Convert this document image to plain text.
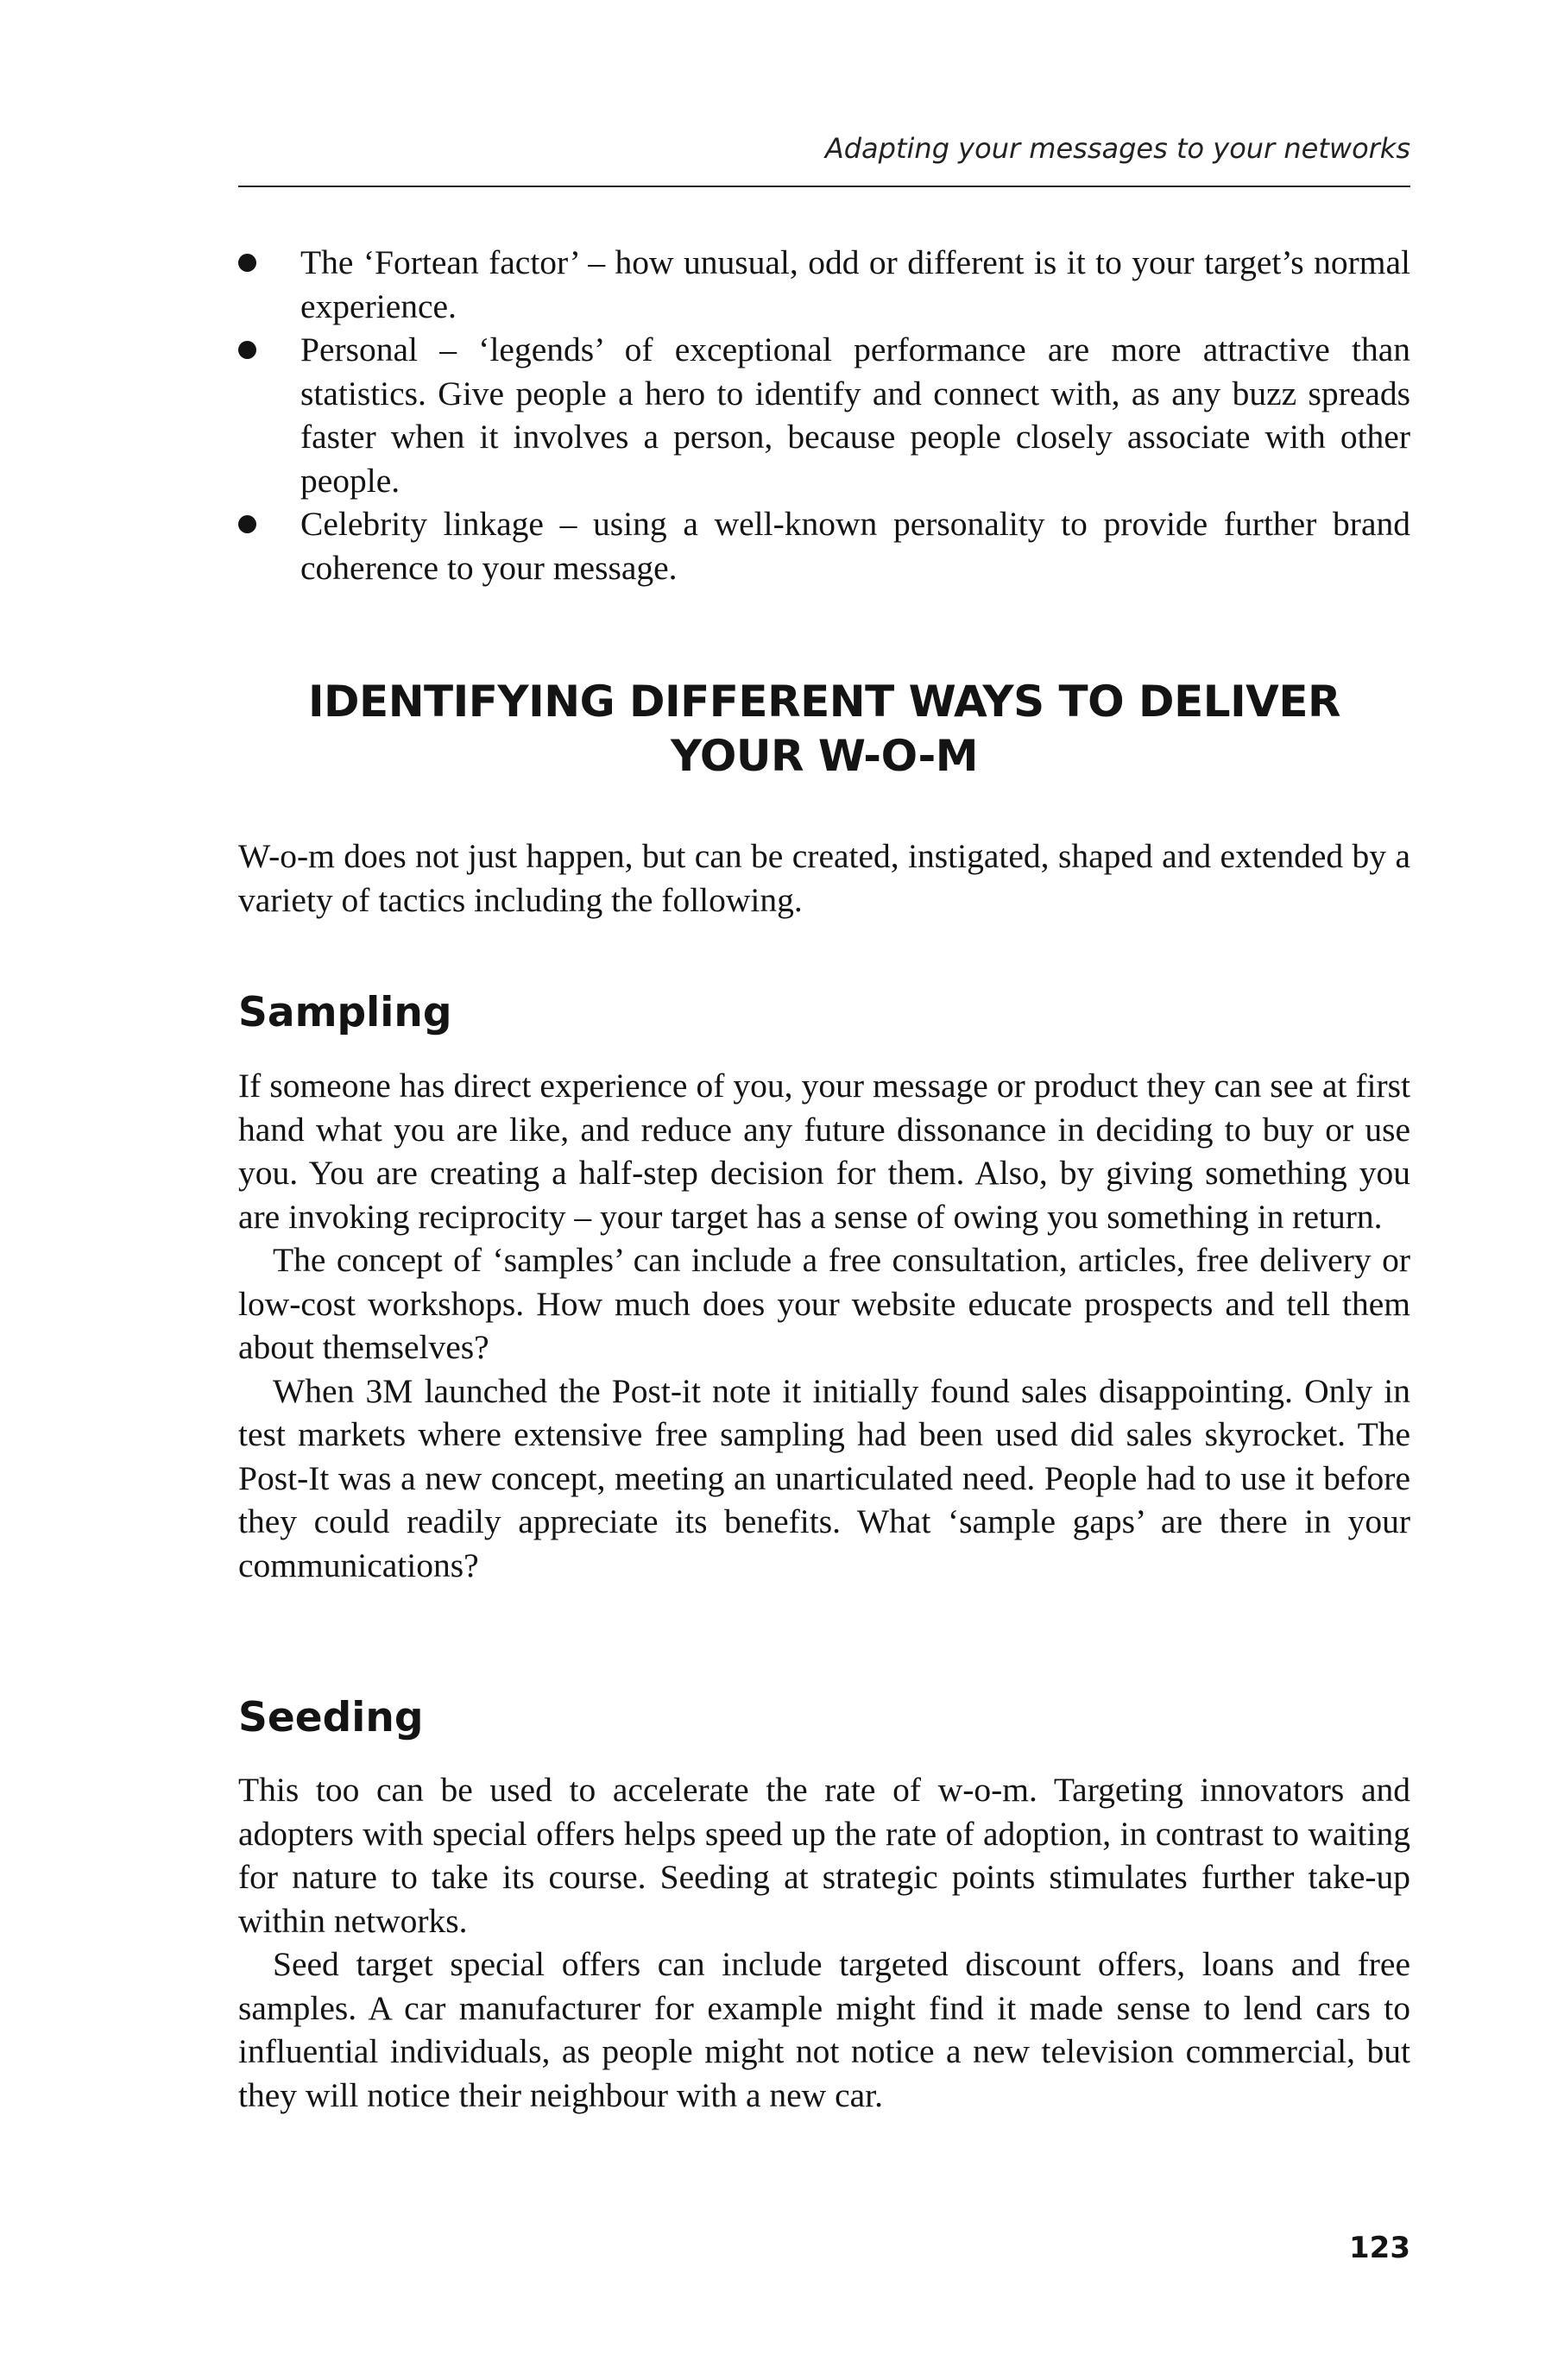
Adapting your messages to your networks
The ‘Fortean factor’ – how unusual, odd or different is it to your target’s normal experience.
Personal – ‘legends’ of exceptional performance are more attractive than statistics. Give people a hero to identify and connect with, as any buzz spreads faster when it involves a person, because people closely associate with other people.
Celebrity linkage – using a well-known personality to provide further brand coherence to your message.
IDENTIFYING DIFFERENT WAYS TO DELIVER
YOUR W-O-M

W-o-m does not just happen, but can be created, instigated, shaped and extended by a variety of tactics including the following.

Sampling

If someone has direct experience of you, your message or product they can see at first hand what you are like, and reduce any future dissonance in deciding to buy or use you. You are creating a half-step decision for them. Also, by giving something you are invoking reciprocity – your target has a sense of owing you something in return.

The concept of ‘samples’ can include a free consultation, articles, free delivery or low-cost workshops. How much does your website educate prospects and tell them about themselves?

When 3M launched the Post-it note it initially found sales disappointing. Only in test markets where extensive free sampling had been used did sales skyrocket. The Post-It was a new concept, meeting an unarticulated need. People had to use it before they could readily appreciate its benefits. What ‘sample gaps’ are there in your communications?

Seeding

This too can be used to accelerate the rate of w-o-m. Targeting innovators and adopters with special offers helps speed up the rate of adoption, in contrast to waiting for nature to take its course. Seeding at strategic points stimulates further take-up within networks.

Seed target special offers can include targeted discount offers, loans and free samples. A car manufacturer for example might find it made sense to lend cars to influential individuals, as people might not notice a new television commercial, but they will notice their neighbour with a new car.

123
